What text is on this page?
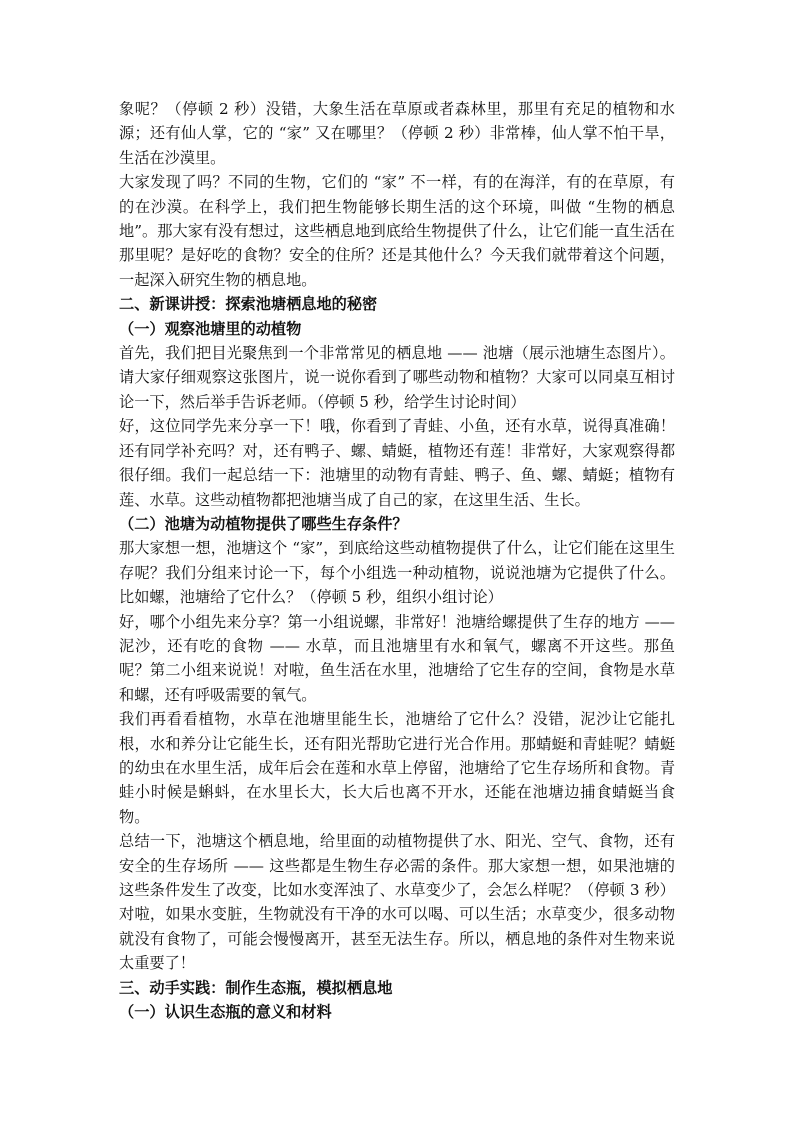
象呢？（停顿 2 秒）没错，大象生活在草原或者森林里，那里有充足的植物和水源；还有仙人掌，它的 “家” 又在哪里？（停顿 2 秒）非常棒，仙人掌不怕干旱，生活在沙漠里。

大家发现了吗？不同的生物，它们的 “家” 不一样，有的在海洋，有的在草原，有的在沙漠。在科学上，我们把生物能够长期生活的这个环境，叫做 “生物的栖息地”。那大家有没有想过，这些栖息地到底给生物提供了什么，让它们能一直生活在那里呢？是好吃的食物？安全的住所？还是其他什么？今天我们就带着这个问题，一起深入研究生物的栖息地。

二、新课讲授：探索池塘栖息地的秘密

（一）观察池塘里的动植物

首先，我们把目光聚焦到一个非常常见的栖息地 —— 池塘（展示池塘生态图片）。请大家仔细观察这张图片，说一说你看到了哪些动物和植物？大家可以同桌互相讨论一下，然后举手告诉老师。（停顿 5 秒，给学生讨论时间）

好，这位同学先来分享一下！哦，你看到了青蛙、小鱼，还有水草，说得真准确！还有同学补充吗？对，还有鸭子、螺、蜻蜓，植物还有莲！非常好，大家观察得都很仔细。我们一起总结一下：池塘里的动物有青蛙、鸭子、鱼、螺、蜻蜓；植物有莲、水草。这些动植物都把池塘当成了自己的家，在这里生活、生长。

（二）池塘为动植物提供了哪些生存条件？

那大家想一想，池塘这个 “家”，到底给这些动植物提供了什么，让它们能在这里生存呢？我们分组来讨论一下，每个小组选一种动植物，说说池塘为它提供了什么。比如螺，池塘给了它什么？（停顿 5 秒，组织小组讨论）

好，哪个小组先来分享？第一小组说螺，非常好！池塘给螺提供了生存的地方 —— 泥沙，还有吃的食物 —— 水草，而且池塘里有水和氧气，螺离不开这些。那鱼呢？第二小组来说说！对啦，鱼生活在水里，池塘给了它生存的空间，食物是水草和螺，还有呼吸需要的氧气。

我们再看看植物，水草在池塘里能生长，池塘给了它什么？没错，泥沙让它能扎根，水和养分让它能生长，还有阳光帮助它进行光合作用。那蜻蜓和青蛙呢？蜻蜓的幼虫在水里生活，成年后会在莲和水草上停留，池塘给了它生存场所和食物。青蛙小时候是蝌蚪，在水里长大，长大后也离不开水，还能在池塘边捕食蜻蜓当食物。

总结一下，池塘这个栖息地，给里面的动植物提供了水、阳光、空气、食物，还有安全的生存场所 —— 这些都是生物生存必需的条件。那大家想一想，如果池塘的这些条件发生了改变，比如水变浑浊了、水草变少了，会怎么样呢？（停顿 3 秒）对啦，如果水变脏，生物就没有干净的水可以喝、可以生活；水草变少，很多动物就没有食物了，可能会慢慢离开，甚至无法生存。所以，栖息地的条件对生物来说太重要了！

三、动手实践：制作生态瓶，模拟栖息地

（一）认识生态瓶的意义和材料
